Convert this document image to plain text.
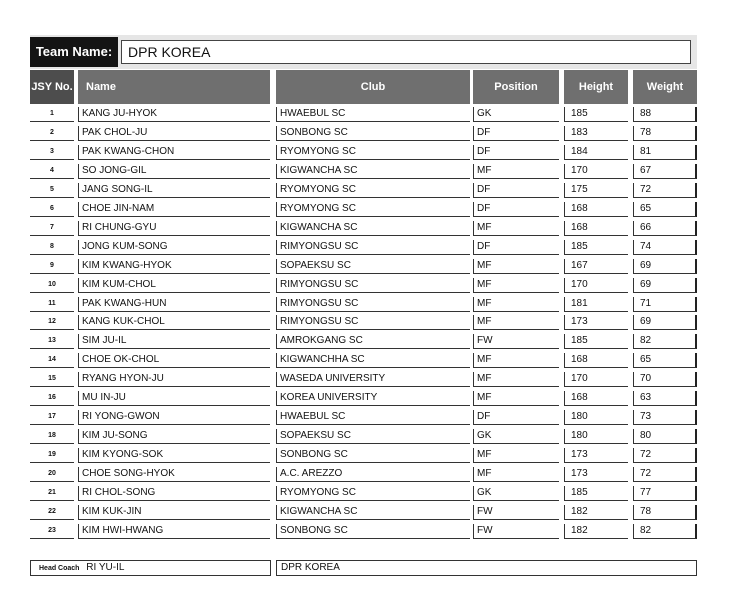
Team Name:	DPR KOREA
JSY No.	Name	Club	Position	Height	Weight
1	KANG JU-HYOK	HWAEBUL SC	GK	185	88
2	PAK CHOL-JU	SONBONG SC	DF	183	78
3	PAK KWANG-CHON	RYOMYONG SC	DF	184	81
4	SO JONG-GIL	KIGWANCHA SC	MF	170	67
5	JANG SONG-IL	RYOMYONG SC	DF	175	72
6	CHOE JIN-NAM	RYOMYONG SC	DF	168	65
7	RI CHUNG-GYU	KIGWANCHA SC	MF	168	66
8	JONG KUM-SONG	RIMYONGSU SC	DF	185	74
9	KIM KWANG-HYOK	SOPAEKSU SC	MF	167	69
10	KIM KUM-CHOL	RIMYONGSU SC	MF	170	69
11	PAK KWANG-HUN	RIMYONGSU SC	MF	181	71
12	KANG KUK-CHOL	RIMYONGSU SC	MF	173	69
13	SIM JU-IL	AMROKGANG SC	FW	185	82
14	CHOE OK-CHOL	KIGWANCHHA SC	MF	168	65
15	RYANG HYON-JU	WASEDA UNIVERSITY	MF	170	70
16	MU IN-JU	KOREA UNIVERSITY	MF	168	63
17	RI YONG-GWON	HWAEBUL SC	DF	180	73
18	KIM JU-SONG	SOPAEKSU SC	GK	180	80
19	KIM KYONG-SOK	SONBONG SC	MF	173	72
20	CHOE SONG-HYOK	A.C. AREZZO	MF	173	72
21	RI CHOL-SONG	RYOMYONG SC	GK	185	77
22	KIM KUK-JIN	KIGWANCHA SC	FW	182	78
23	KIM HWI-HWANG	SONBONG SC	FW	182	82
Head Coach RI YU-IL	DPR KOREA
